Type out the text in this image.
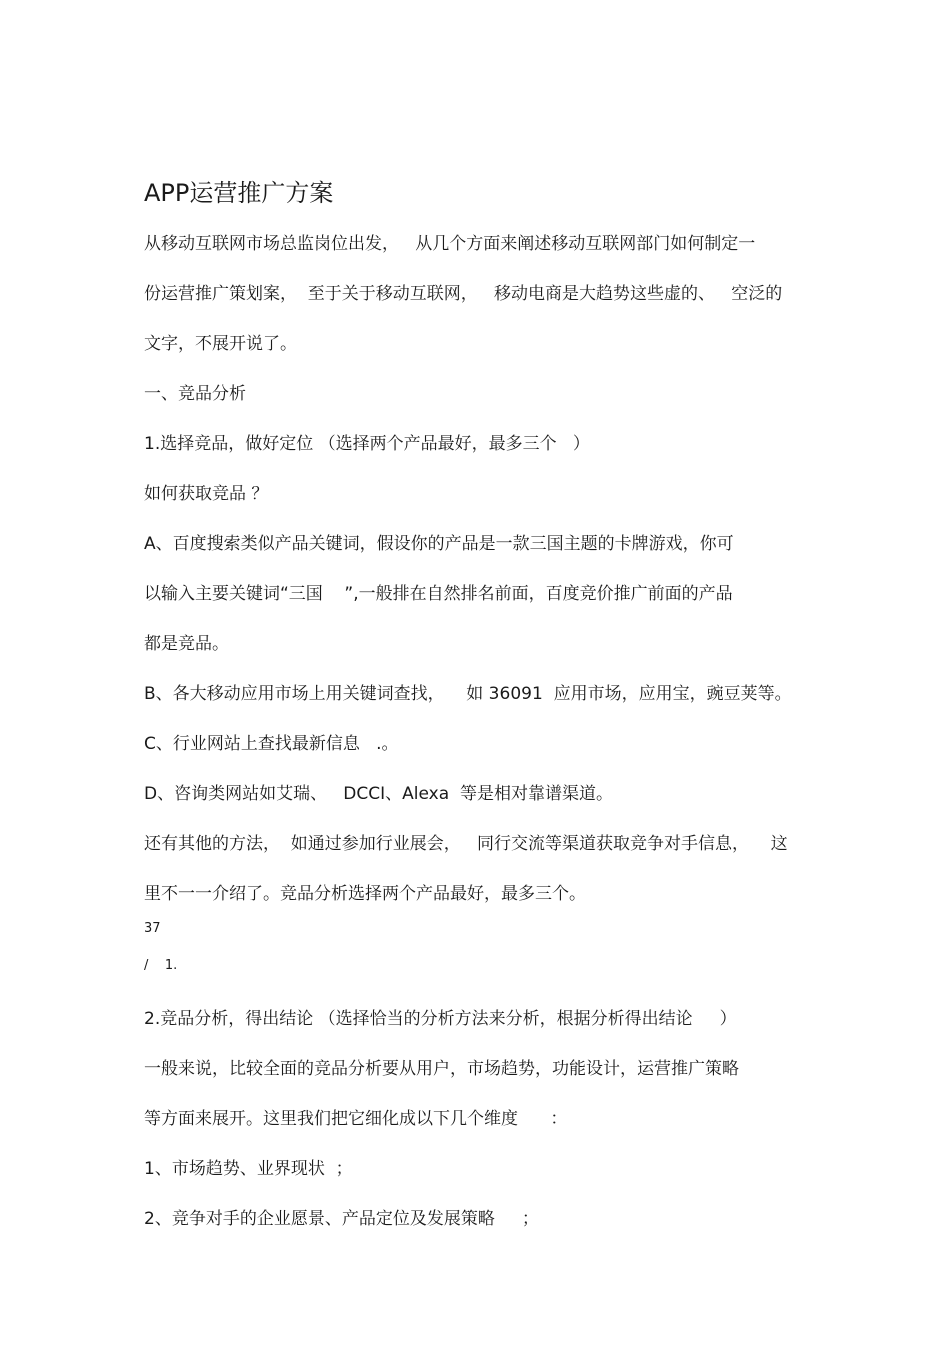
APP运营推广方案
从移动互联网市场总监岗位出发，   从几个方面来阐述移动互联网部门如何制定一
份运营推广策划案，  至于关于移动互联网，   移动电商是大趋势这些虚的、   空泛的
文字，不展开说了。
一、竞品分析
1.选择竞品，做好定位 （选择两个产品最好，最多三个   ）
如何获取竞品 ？
A、百度搜索类似产品关键词，假设你的产品是一款三国主题的卡牌游戏，你可
以输入主要关键词“三国    ”,一般排在自然排名前面，百度竞价推广前面的产品
都是竞品。
B、各大移动应用市场上用关键词查找，    如 36091  应用市场，应用宝，豌豆荚等。
C、行业网站上查找最新信息   .。
D、咨询类网站如艾瑞、   DCCI、Alexa  等是相对靠谱渠道。
还有其他的方法，  如通过参加行业展会，   同行交流等渠道获取竞争对手信息，    这
里不一一介绍了。竞品分析选择两个产品最好，最多三个。
37
/    1.
2.竞品分析，得出结论 （选择恰当的分析方法来分析，根据分析得出结论     ）
一般来说，比较全面的竞品分析要从用户，市场趋势，功能设计，运营推广策略
等方面来展开。这里我们把它细化成以下几个维度      ：
1、市场趋势、业界现状  ；
2、竞争对手的企业愿景、产品定位及发展策略     ；
